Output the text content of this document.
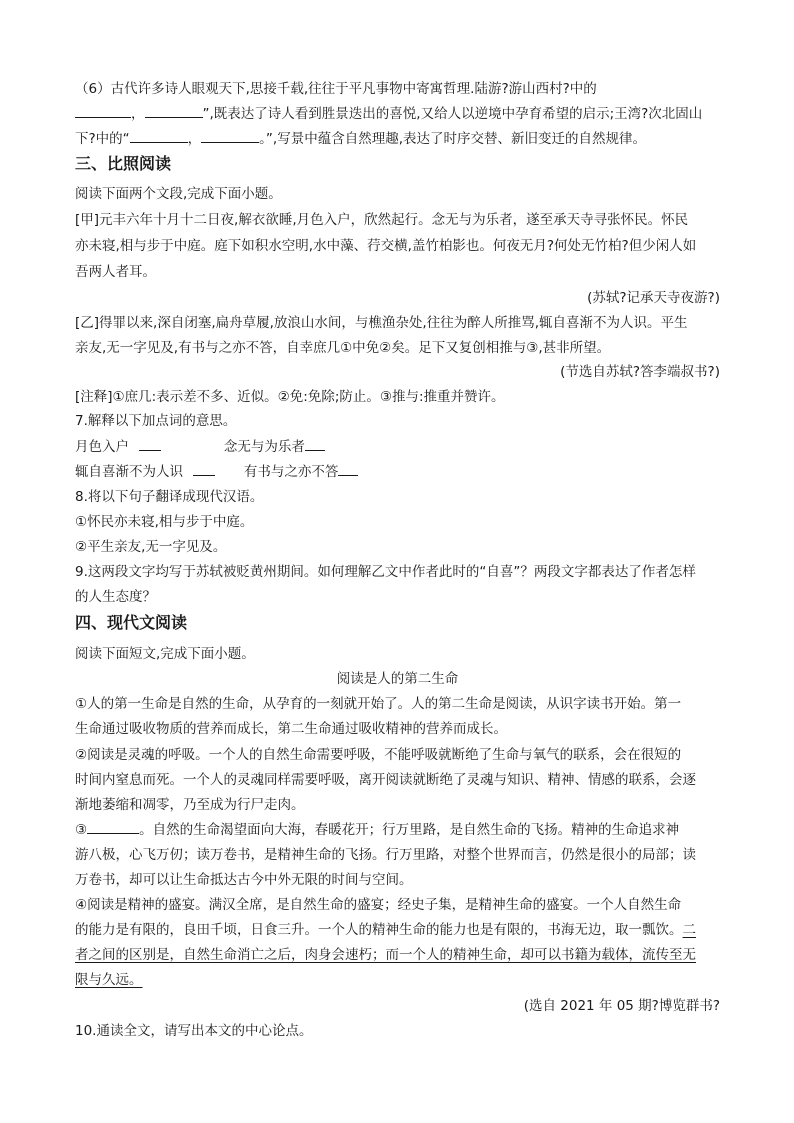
（6）古代许多诗人眼观天下,思接千载,往往于平凡事物中寄寓哲理.陆游?游山西村?中的
，	”,既表达了诗人看到胜景迭出的喜悦,又给人以逆境中孕育希望的启示;王湾?次北固山
下?中的“	，	。”,写景中蕴含自然理趣,表达了时序交替、新旧变迁的自然规律。
三、比照阅读
阅读下面两个文段,完成下面小题。
[甲]元丰六年十月十二日夜,解衣欲睡,月色入户，欣然起行。念无与为乐者，遂至承天寺寻张怀民。怀民
亦未寝,相与步于中庭。庭下如积水空明,水中藻、荇交横,盖竹柏影也。何夜无月?何处无竹柏?但少闲人如
吾两人者耳。
(苏轼?记承天寺夜游?)
[乙]得罪以来,深自闭塞,扁舟草履,放浪山水间，与樵渔杂处,往往为醉人所推骂,辄自喜渐不为人识。平生
亲友,无一字见及,有书与之亦不答，自幸庶几①中免②矣。足下又复创相推与③,甚非所望。
(节选自苏轼?答李端叔书?)
[注释]①庶几:表示差不多、近似。②免:免除;防止。③推与:推重并赞许。
7.解释以下加点词的意思。
月色入户	念无与为乐者
辄自喜渐不为人识	有书与之亦不答
8.将以下句子翻译成现代汉语。
①怀民亦未寝,相与步于中庭。
②平生亲友,无一字见及。
9.这两段文字均写于苏轼被贬黄州期间。如何理解乙文中作者此时的“自喜”？两段文字都表达了作者怎样
的人生态度？
四、现代文阅读
阅读下面短文,完成下面小题。
阅读是人的第二生命
①人的第一生命是自然的生命，从孕育的一刻就开始了。人的第二生命是阅读，从识字读书开始。第一
生命通过吸收物质的营养而成长，第二生命通过吸收精神的营养而成长。
②阅读是灵魂的呼吸。一个人的自然生命需要呼吸，不能呼吸就断绝了生命与氧气的联系，会在很短的
时间内窒息而死。一个人的灵魂同样需要呼吸，离开阅读就断绝了灵魂与知识、精神、情感的联系，会逐
渐地萎缩和凋零，乃至成为行尸走肉。
③	。自然的生命渴望面向大海，春暖花开；行万里路，是自然生命的飞扬。精神的生命追求神
游八极，心飞万仞；读万卷书，是精神生命的飞扬。行万里路，对整个世界而言，仍然是很小的局部；读
万卷书，却可以让生命抵达古今中外无限的时间与空间。
④阅读是精神的盛宴。满汉全席，是自然生命的盛宴；经史子集，是精神生命的盛宴。一个人自然生命
的能力是有限的，良田千顷，日食三升。一个人的精神生命的能力也是有限的，书海无边，取一瓢饮。二
者之间的区别是，自然生命消亡之后，肉身会速朽；而一个人的精神生命，却可以书籍为载体，流传至无
限与久远。
(选自 2021 年 05 期?博览群书?
10.通读全文，请写出本文的中心论点。
